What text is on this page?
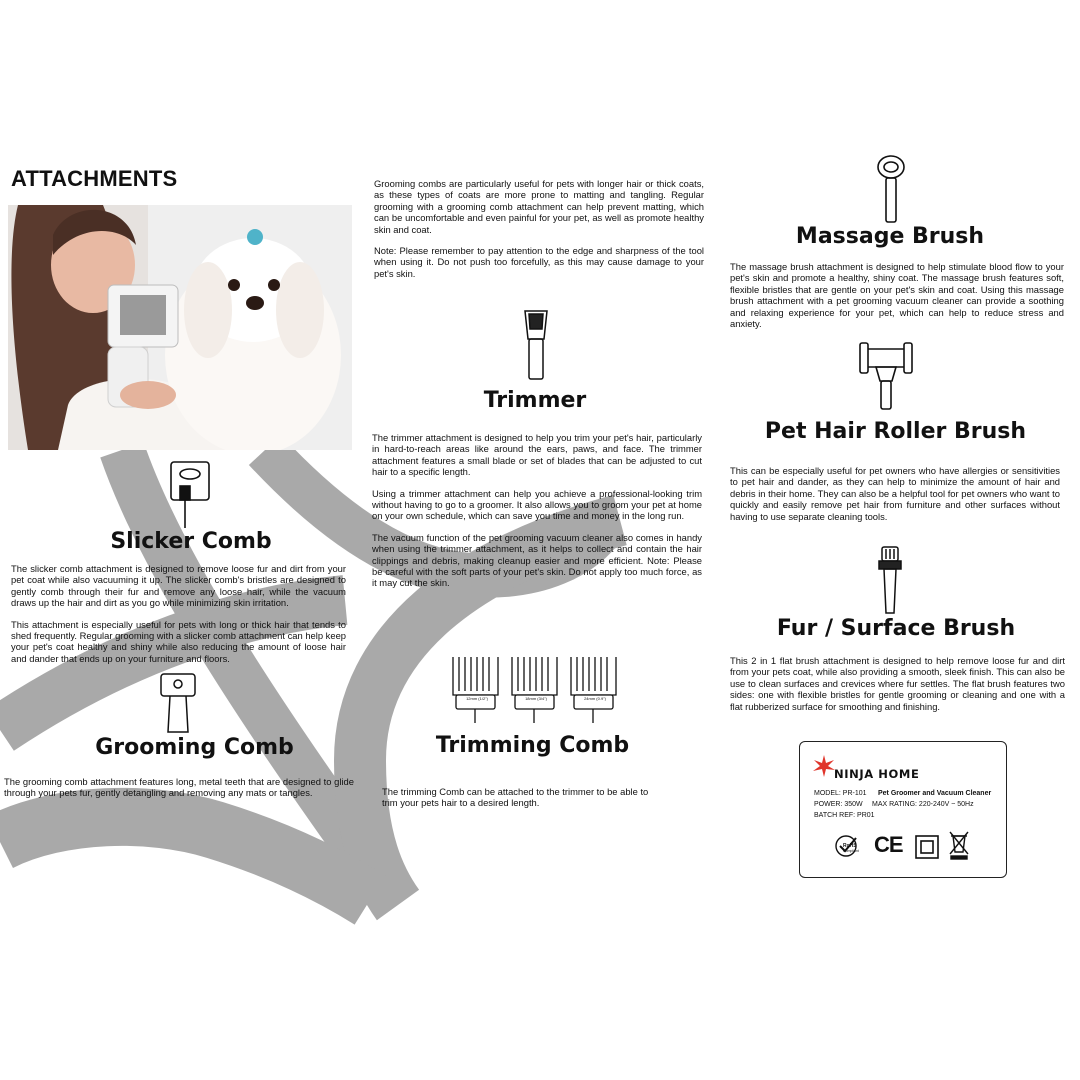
ATTACHMENTS
Slicker Comb

The slicker comb attachment is designed to remove loose fur and dirt from your pet coat while also vacuuming it up. The slicker comb's bristles are designed to gently comb through their fur and remove any loose hair, while the vacuum draws up the hair and dirt as you go while minimizing skin irritation.

This attachment is especially useful for pets with long or thick hair that tends to shed frequently. Regular grooming with a slicker comb attachment can help keep your pet's coat healthy and shiny while also reducing the amount of loose hair and dander that ends up on your furniture and floors.

Grooming Comb

The grooming comb attachment features long, metal teeth that are designed to glide through your pets fur, gently detangling and removing any mats or tangles.

Grooming combs are particularly useful for pets with longer hair or thick coats, as these types of coats are more prone to matting and tangling. Regular grooming with a grooming comb attachment can help prevent matting, which can be uncomfortable and even painful for your pet, as well as promote healthy skin and coat.

Note: Please remember to pay attention to the edge and sharpness of the tool when using it. Do not push too forcefully, as this may cause damage to your pet's skin.

Trimmer

The trimmer attachment is designed to help you trim your pet's hair, particularly in hard-to-reach areas like around the ears, paws, and face. The trimmer attachment features a small blade or set of blades that can be adjusted to cut hair to a specific length.

Using a trimmer attachment can help you achieve a professional-looking trim without having to go to a groomer. It also allows you to groom your pet at home on your own schedule, which can save you time and money in the long run.

The vacuum function of the pet grooming vacuum cleaner also comes in handy when using the trimmer attachment, as it helps to collect and contain the hair clippings and debris, making cleanup easier and more efficient. Note: Please be careful with the soft parts of your pet's skin. Do not apply too much force, as it may cut the skin.

12mm (1/2")	18mm (3/4")	24mm (0.9")
Trimming Comb

The trimming Comb can be attached to the trimmer to be able to trim your pets hair to a desired length.

Massage Brush

The massage brush attachment is designed to help stimulate blood flow to your pet's skin and promote a healthy, shiny coat. The massage brush features soft, flexible bristles that are gentle on your pet's skin and coat. Using this massage brush attachment with a pet grooming vacuum cleaner can provide a soothing and relaxing experience for your pet, which can help to reduce stress and anxiety.

Pet Hair Roller Brush

This can be especially useful for pet owners who have allergies or sensitivities to pet hair and dander, as they can help to minimize the amount of hair and debris in their home. They can also be a helpful tool for pet owners who want to quickly and easily remove pet hair from furniture and other surfaces without having to use separate cleaning tools.

Fur / Surface Brush

This 2 in 1 flat brush attachment is designed to help remove loose fur and dirt from your pets coat, while also providing a smooth, sleek finish. This can also be use to clean surfaces and crevices where fur settles. The flat brush features two sides: one with flexible bristles for gentle grooming or cleaning and one with a flat rubberized surface for smoothing and finishing.

NINJA HOME
MODEL: PR-101 Pet Groomer and Vacuum Cleaner
POWER: 350W MAX RATING: 220-240V ~ 50Hz
BATCH REF: PR01
RoHS
Compliant CE
